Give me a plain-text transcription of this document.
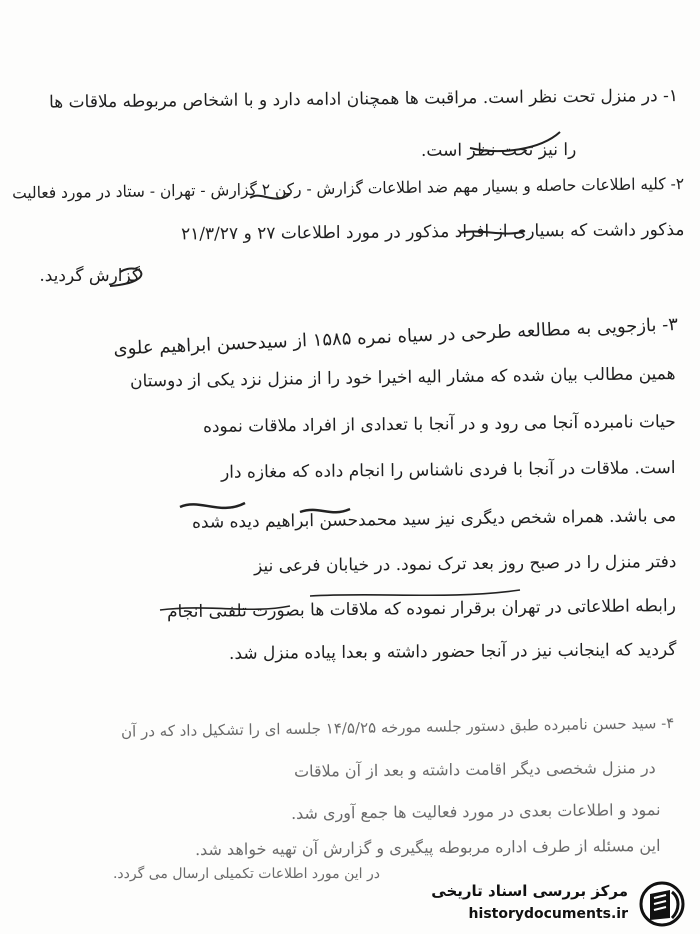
۱- در منزل تحت نظر است. مراقبت ها همچنان ادامه دارد و با اشخاص مربوطه ملاقات ها
را نیز تحت نظر است.
۲- کلیه اطلاعات حاصله و بسیار مهم ضد اطلاعات گزارش - رکن ۲ گزارش - تهران - ستاد در مورد فعالیت
مذکور داشت که بسیاری از افراد مذکور در مورد اطلاعات ۲۷ و ۲۱/۳/۲۷
گزارش گردید.
۳- بازجویی به مطالعه طرحی در سیاه نمره ۱۵۸۵ از سیدحسن ابراهیم علوی
همین مطالب بیان شده که مشار الیه اخیرا خود را از منزل نزد یکی از دوستان
حیات نامبرده آنجا می رود و در آنجا با تعدادی از افراد ملاقات نموده
است. ملاقات در آنجا با فردی ناشناس را انجام داده که مغازه دار
می باشد. همراه شخص دیگری نیز سید محمدحسن ابراهیم دیده شده
دفتر منزل را در صبح روز بعد ترک نمود. در خیابان فرعی نیز
رابطه اطلاعاتی در تهران برقرار نموده که ملاقات ها بصورت تلفنی انجام
گردید که اینجانب نیز در آنجا حضور داشته و بعدا پیاده منزل شد.
۴- سید حسن نامبرده طبق دستور جلسه مورخه ۱۴/۵/۲۵ جلسه ای را تشکیل داد که در آن
در منزل شخصی دیگر اقامت داشته و بعد از آن ملاقات
نمود و اطلاعات بعدی در مورد فعالیت ها جمع آوری شد.
این مسئله از طرف اداره مربوطه پیگیری و گزارش آن تهیه خواهد شد.
در این مورد اطلاعات تکمیلی ارسال می گردد.
مرکز بررسی اسناد تاریخی
historydocuments.ir
